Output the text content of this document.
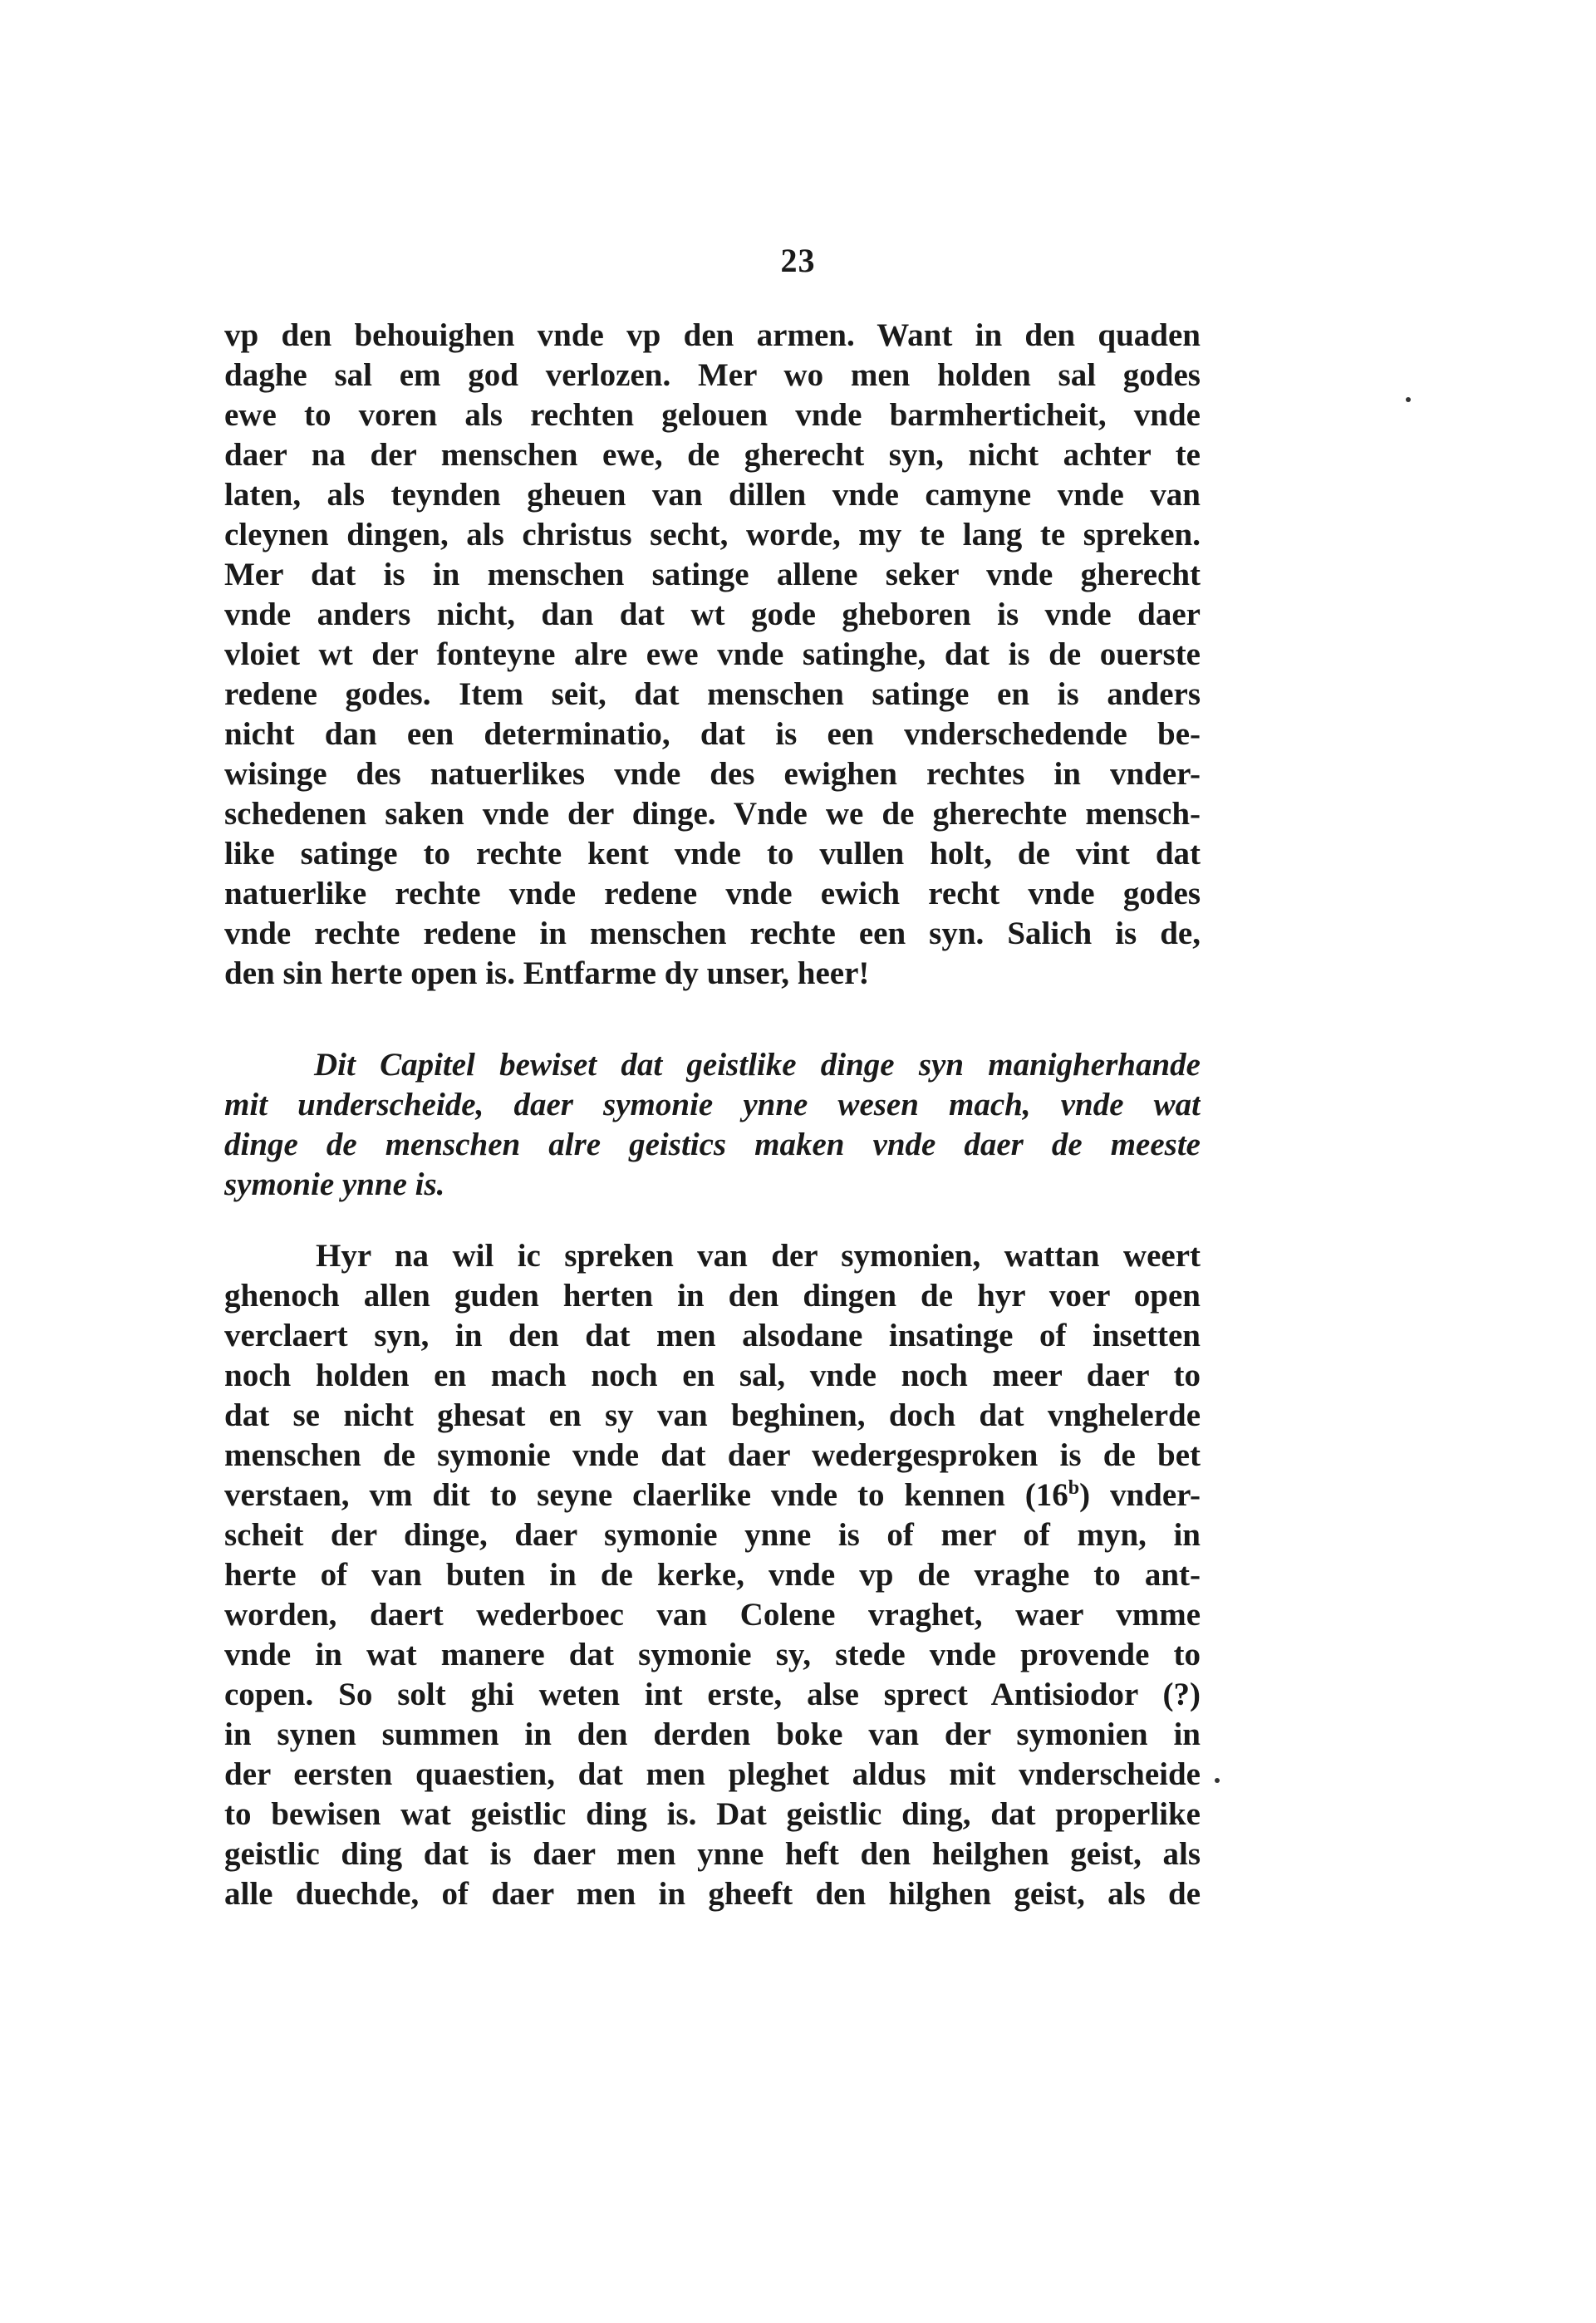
23
vp den behouighen vnde vp den armen. Want in den quaden
daghe sal em god verlozen. Mer wo men holden sal godes
ewe to voren als rechten gelouen vnde barmherticheit, vnde
daer na der menschen ewe, de gherecht syn, nicht achter te
laten, als teynden gheuen van dillen vnde camyne vnde van
cleynen dingen, als christus secht, worde, my te lang te spreken.
Mer dat is in menschen satinge allene seker vnde gherecht
vnde anders nicht, dan dat wt gode gheboren is vnde daer
vloiet wt der fonteyne alre ewe vnde satinghe, dat is de ouerste
redene godes. Item seit, dat menschen satinge en is anders
nicht dan een determinatio, dat is een vnderschedende be-
wisinge des natuerlikes vnde des ewighen rechtes in vnder-
schedenen saken vnde der dinge. Vnde we de gherechte mensch-
like satinge to rechte kent vnde to vullen holt, de vint dat
natuerlike rechte vnde redene vnde ewich recht vnde godes
vnde rechte redene in menschen rechte een syn. Salich is de,
den sin herte open is. Entfarme dy unser, heer!
Dit Capitel bewiset dat geistlike dinge syn manigherhande
mit underscheide, daer symonie ynne wesen mach, vnde wat
dinge de menschen alre geistics maken vnde daer de meeste
symonie ynne is.
Hyr na wil ic spreken van der symonien, wattan weert
ghenoch allen guden herten in den dingen de hyr voer open
verclaert syn, in den dat men alsodane insatinge of insetten
noch holden en mach noch en sal, vnde noch meer daer to
dat se nicht ghesat en sy van beghinen, doch dat vnghelerde
menschen de symonie vnde dat daer wedergesproken is de bet
verstaen, vm dit to seyne claerlike vnde to kennen (16$^b$) vnder-
scheit der dinge, daer symonie ynne is of mer of myn, in
herte of van buten in de kerke, vnde vp de vraghe to ant-
worden, daert wederboec van Colene vraghet, waer vmme
vnde in wat manere dat symonie sy, stede vnde provende to
copen. So solt ghi weten int erste, alse sprect Antisiodor (?)
in synen summen in den derden boke van der symonien in
der eersten quaestien, dat men pleghet aldus mit vnderscheide
to bewisen wat geistlic ding is. Dat geistlic ding, dat properlike
geistlic ding dat is daer men ynne heft den heilghen geist, als
alle duechde, of daer men in gheeft den hilghen geist, als de
